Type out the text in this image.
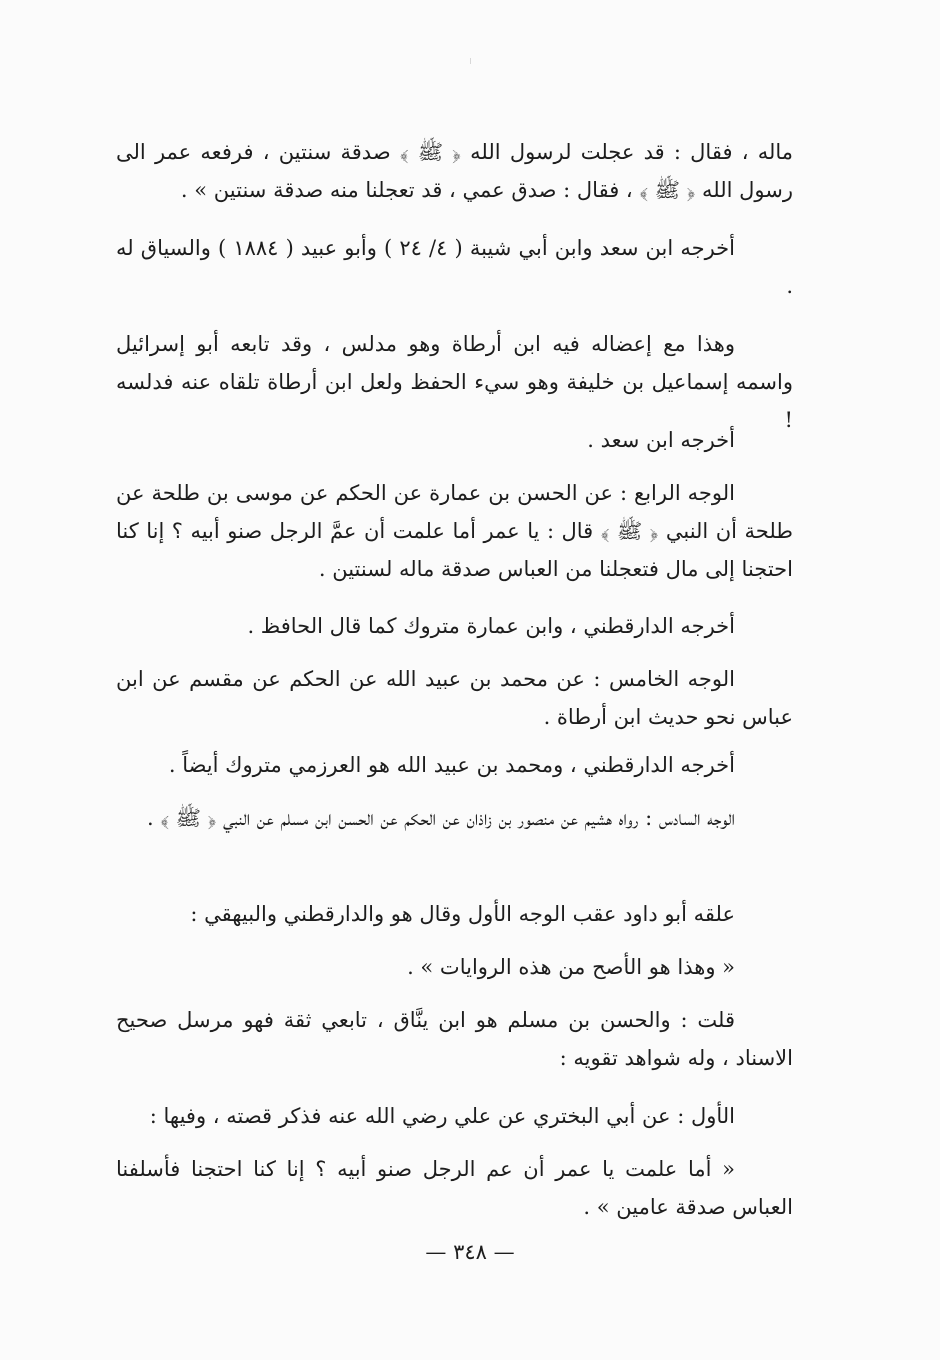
ماله ، فقال : قد عجلت لرسول الله ﴿ ﷺ ﴾ صدقة سنتين ، فرفعه عمر الى رسول الله ﴿ ﷺ ﴾ ، فقال : صدق عمي ، قد تعجلنا منه صدقة سنتين » .

أخرجه ابن سعد وابن أبي شيبة ( ٤/ ٢٤ ) وأبو عبيد ( ١٨٨٤ ) والسياق له .

وهذا مع إعضاله فيه ابن أرطاة وهو مدلس ، وقد تابعه أبو إسرائيل واسمه إسماعيل بن خليفة وهو سيء الحفظ ولعل ابن أرطاة تلقاه عنه فدلسه !

أخرجه ابن سعد .

الوجه الرابع : عن الحسن بن عمارة عن الحكم عن موسى بن طلحة عن طلحة أن النبي ﴿ ﷺ ﴾ قال : يا عمر أما علمت أن عمَّ الرجل صنو أبيه ؟ إنا كنا احتجنا إلى مال فتعجلنا من العباس صدقة ماله لسنتين .

أخرجه الدارقطني ، وابن عمارة متروك كما قال الحافظ .

الوجه الخامس : عن محمد بن عبيد الله عن الحكم عن مقسم عن ابن عباس نحو حديث ابن أرطاة .

أخرجه الدارقطني ، ومحمد بن عبيد الله هو العرزمي متروك أيضاً .

الوجه السادس : رواه هشيم عن منصور بن زاذان عن الحكم عن الحسن ابن مسلم عن النبي ﴿ ﷺ ﴾ .

علقه أبو داود عقب الوجه الأول وقال هو والدارقطني والبيهقي :

« وهذا هو الأصح من هذه الروايات » .

قلت : والحسن بن مسلم هو ابن ينَّاق ، تابعي ثقة فهو مرسل صحيح الاسناد ، وله شواهد تقويه :

الأول : عن أبي البختري عن علي رضي الله عنه فذكر قصته ، وفيها :

« أما علمت يا عمر أن عم الرجل صنو أبيه ؟ إنا كنا احتجنا فأسلفنا العباس صدقة عامين » .

— ٣٤٨ —
